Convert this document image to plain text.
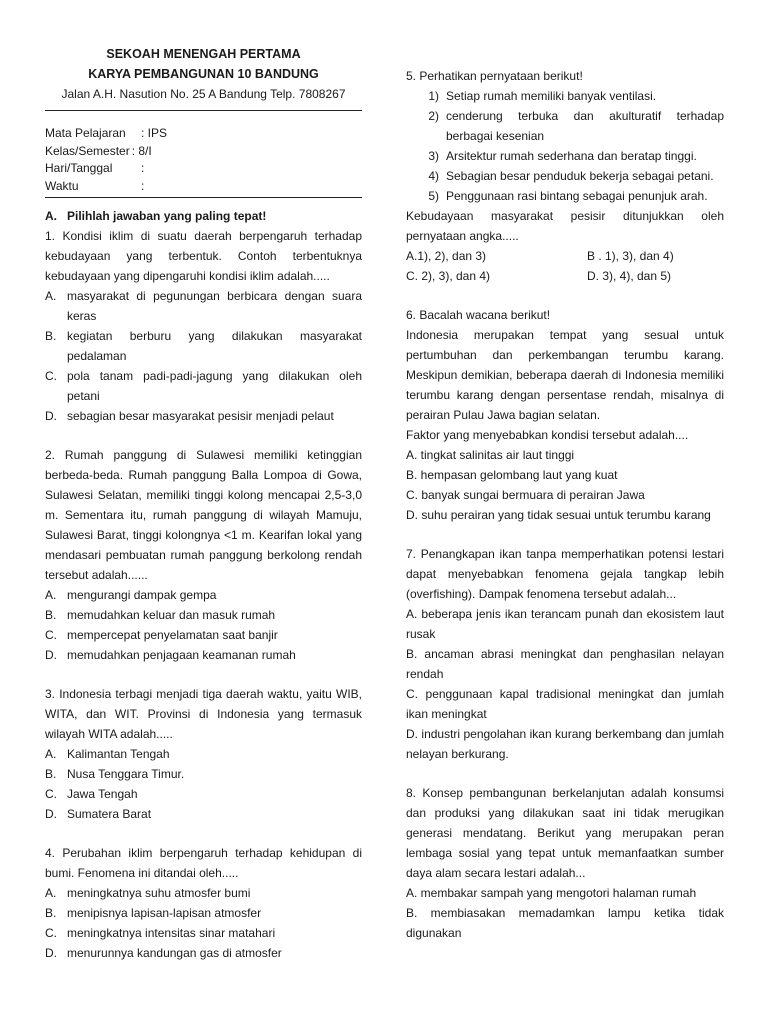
SEKOAH MENENGAH PERTAMA
KARYA PEMBANGUNAN 10 BANDUNG
Jalan A.H. Nasution No. 25 A Bandung Telp. 7808267
Mata Pelajaran	: IPS
Kelas/Semester : 8/I
Hari/Tanggal	:
Waktu	:
A. Pilihlah jawaban yang paling tepat!

1. Kondisi iklim di suatu daerah berpengaruh terhadap kebudayaan yang terbentuk. Contoh terbentuknya kebudayaan yang dipengaruhi kondisi iklim adalah.....

A. masyarakat di pegunungan berbicara dengan suara keras
B. kegiatan berburu yang dilakukan masyarakat pedalaman
C. pola tanam padi-padi-jagung yang dilakukan oleh petani
D. sebagian besar masyarakat pesisir menjadi pelaut

2. Rumah panggung di Sulawesi memiliki ketinggian berbeda-beda. Rumah panggung Balla Lompoa di Gowa, Sulawesi Selatan, memiliki tinggi kolong mencapai 2,5-3,0 m. Sementara itu, rumah panggung di wilayah Mamuju, Sulawesi Barat, tinggi kolongnya <1 m. Kearifan lokal yang mendasari pembuatan rumah panggung berkolong rendah tersebut adalah......

A. mengurangi dampak gempa
B. memudahkan keluar dan masuk rumah
C. mempercepat penyelamatan saat banjir
D. memudahkan penjagaan keamanan rumah

3. Indonesia terbagi menjadi tiga daerah waktu, yaitu WIB, WITA, dan WIT. Provinsi di Indonesia yang termasuk wilayah WITA adalah.....

A. Kalimantan Tengah
B. Nusa Tenggara Timur.
C. Jawa Tengah
D. Sumatera Barat

4. Perubahan iklim berpengaruh terhadap kehidupan di bumi. Fenomena ini ditandai oleh.....

A. meningkatnya suhu atmosfer bumi
B. menipisnya lapisan-lapisan atmosfer
C. meningkatnya intensitas sinar matahari
D. menurunnya kandungan gas di atmosfer

5. Perhatikan pernyataan berikut!

1) Setiap rumah memiliki banyak ventilasi.
2) cenderung terbuka dan akulturatif terhadap berbagai kesenian
3) Arsitektur rumah sederhana dan beratap tinggi.
4) Sebagian besar penduduk bekerja sebagai petani.
5) Penggunaan rasi bintang sebagai penunjuk arah.

Kebudayaan masyarakat pesisir ditunjukkan oleh pernyataan angka.....

A.1), 2), dan 3)	B . 1), 3), dan 4)
C. 2), 3), dan 4)	D. 3), 4), dan 5)

6. Bacalah wacana berikut!

Indonesia merupakan tempat yang sesual untuk pertumbuhan dan perkembangan terumbu karang. Meskipun demikian, beberapa daerah di Indonesia memiliki terumbu karang dengan persentase rendah, misalnya di perairan Pulau Jawa bagian selatan.

Faktor yang menyebabkan kondisi tersebut adalah....

A. tingkat salinitas air laut tinggi

B. hempasan gelombang laut yang kuat

C. banyak sungai bermuara di perairan Jawa

D. suhu perairan yang tidak sesuai untuk terumbu karang

7. Penangkapan ikan tanpa memperhatikan potensi lestari dapat menyebabkan fenomena gejala tangkap lebih (overfishing). Dampak fenomena tersebut adalah...

A. beberapa jenis ikan terancam punah dan ekosistem laut rusak

B. ancaman abrasi meningkat dan penghasilan nelayan rendah

C. penggunaan kapal tradisional meningkat dan jumlah ikan meningkat

D. industri pengolahan ikan kurang berkembang dan jumlah nelayan berkurang.

8. Konsep pembangunan berkelanjutan adalah konsumsi dan produksi yang dilakukan saat ini tidak merugikan generasi mendatang. Berikut yang merupakan peran lembaga sosial yang tepat untuk memanfaatkan sumber daya alam secara lestari adalah...

A. membakar sampah yang mengotori halaman rumah

B. membiasakan memadamkan lampu ketika tidak digunakan
